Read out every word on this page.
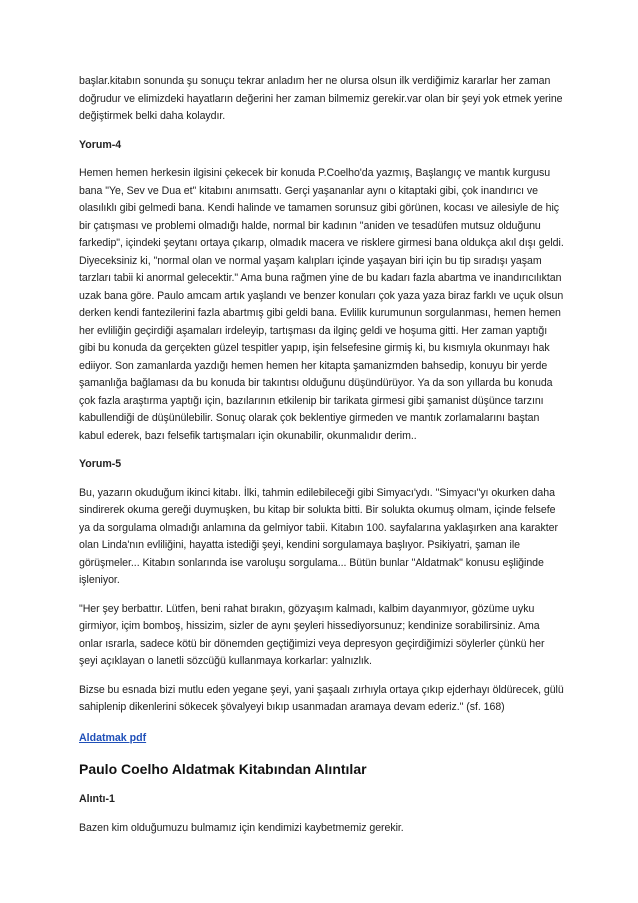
başlar.kitabın sonunda şu sonuçu tekrar anladım her ne olursa olsun ilk verdiğimiz kararlar her zaman doğrudur ve elimizdeki hayatların değerini her zaman bilmemiz gerekir.var olan bir şeyi yok etmek yerine değiştirmek belki daha kolaydır.

Yorum-4

Hemen hemen herkesin ilgisini çekecek bir konuda P.Coelho'da yazmış, Başlangıç ve mantık kurgusu bana "Ye, Sev ve Dua et" kitabını anımsattı. Gerçi yaşananlar aynı o kitaptaki gibi, çok inandırıcı ve olasılıklı gibi gelmedi bana. Kendi halinde ve tamamen sorunsuz gibi görünen, kocası ve ailesiyle de hiç bir çatışması ve problemi olmadığı halde, normal bir kadının "aniden ve tesadüfen mutsuz olduğunu farkedip", içindeki şeytanı ortaya çıkarıp, olmadık macera ve risklere girmesi bana oldukça akıl dışı geldi. Diyeceksiniz ki, "normal olan ve normal yaşam kalıpları içinde yaşayan biri için bu tip sıradışı yaşam tarzları tabii ki anormal gelecektir." Ama buna rağmen yine de bu kadarı fazla abartma ve inandırıcılıktan uzak bana göre. Paulo amcam artık yaşlandı ve benzer konuları çok yaza yaza biraz farklı ve uçuk olsun derken kendi fantezilerini fazla abartmış gibi geldi bana. Evlilik kurumunun sorgulanması, hemen hemen her evliliğin geçirdiği aşamaları irdeleyip, tartışması da ilginç geldi ve hoşuma gitti. Her zaman yaptığı gibi bu konuda da gerçekten güzel tespitler yapıp, işin felsefesine girmiş ki, bu kısmıyla okunmayı hak ediiyor. Son zamanlarda yazdığı hemen hemen her kitapta şamanizmden bahsedip, konuyu bir yerde şamanlığa bağlaması da bu konuda bir takıntısı olduğunu düşündürüyor. Ya da son yıllarda bu konuda çok fazla araştırma yaptığı için, bazılarının etkilenip bir tarikata girmesi gibi şamanist düşünce tarzını kabullendiği de düşünülebilir. Sonuç olarak çok beklentiye girmeden ve mantık zorlamalarını baştan kabul ederek, bazı felsefik tartışmaları için okunabilir, okunmalıdır derim..

Yorum-5

Bu, yazarın okuduğum ikinci kitabı. İlki, tahmin edilebileceği gibi Simyacı'ydı. "Simyacı"yı okurken daha sindirerek okuma gereği duymuşken, bu kitap bir solukta bitti. Bir solukta okumuş olmam, içinde felsefe ya da sorgulama olmadığı anlamına da gelmiyor tabii. Kitabın 100. sayfalarına yaklaşırken ana karakter olan Linda'nın evliliğini, hayatta istediği şeyi, kendini sorgulamaya başlıyor. Psikiyatri, şaman ile görüşmeler... Kitabın sonlarında ise varoluşu sorgulama... Bütün bunlar "Aldatmak" konusu eşliğinde işleniyor.

"Her şey berbattır. Lütfen, beni rahat bırakın, gözyaşım kalmadı, kalbim dayanmıyor, gözüme uyku girmiyor, içim bomboş, hissizim, sizler de aynı şeyleri hissediyorsunuz; kendinize sorabilirsiniz. Ama onlar ısrarla, sadece kötü bir dönemden geçtiğimizi veya depresyon geçirdiğimizi söylerler çünkü her şeyi açıklayan o lanetli sözcüğü kullanmaya korkarlar: yalnızlık.

Bizse bu esnada bizi mutlu eden yegane şeyi, yani şaşaalı zırhıyla ortaya çıkıp ejderhayı öldürecek, gülü sahiplenip dikenlerini sökecek şövalyeyi bıkıp usanmadan aramaya devam ederiz." (sf. 168)

Aldatmak pdf

Paulo Coelho Aldatmak Kitabından Alıntılar

Alıntı-1

Bazen kim olduğumuzu bulmamız için kendimizi kaybetmemiz gerekir.
